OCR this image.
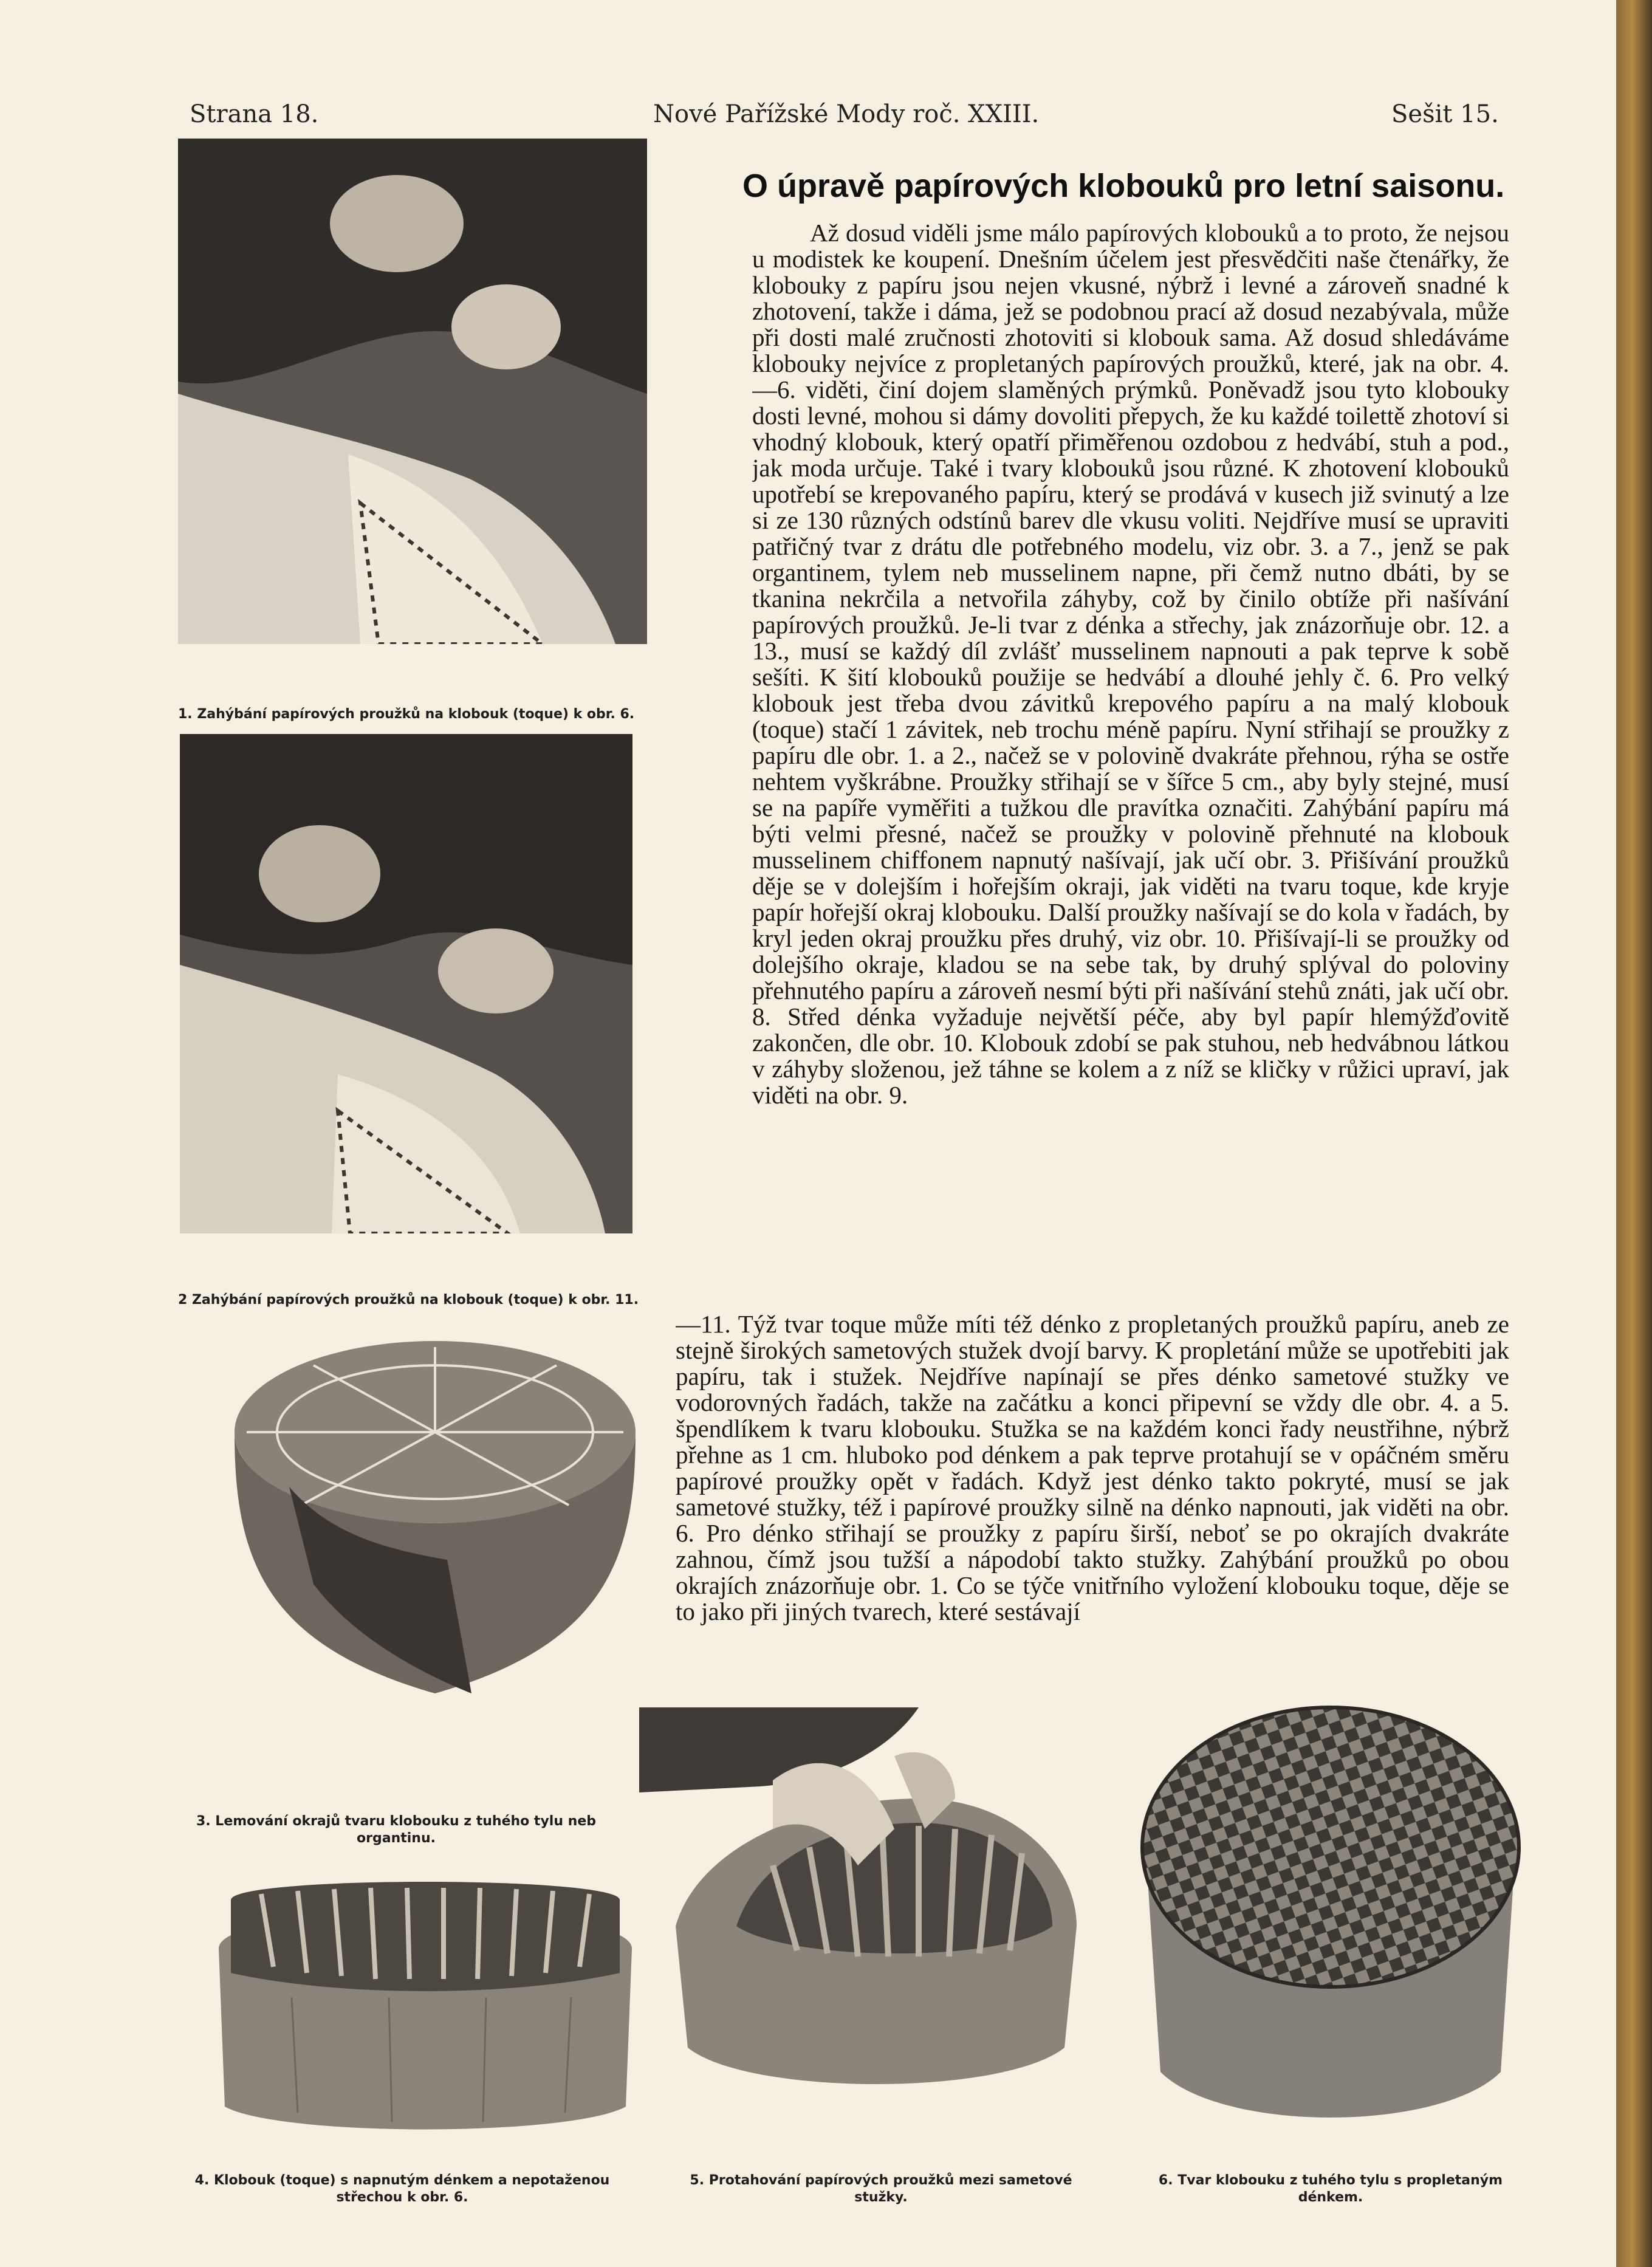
Strana 18.	Nové Pařížské Mody roč. XXIII.	Sešit 15.
1. Zahýbání papírových proužků na klobouk (toque) k obr. 6.
2 Zahýbání papírových proužků na klobouk (toque) k obr. 11.
3. Lemování okrajů tvaru klobouku z tuhého tylu neb organtinu.
4. Klobouk (toque) s napnutým dénkem a nepotaženou střechou k obr. 6.
5. Protahování papírových proužků mezi sametové stužky.
6. Tvar klobouku z tuhého tylu s propletaným dénkem.
O úpravě papírových klobouků pro letní saisonu.

Až dosud viděli jsme málo papírových klobouků a to proto, že nejsou u modistek ke koupení. Dnešním účelem jest přesvědčiti naše čtenářky, že klobouky z papíru jsou nejen vkusné, nýbrž i levné a zároveň snadné k zhotovení, takže i dáma, jež se podobnou prací až dosud nezabývala, může při dosti malé zručnosti zhotoviti si klobouk sama. Až dosud shledáváme klobouky nejvíce z propletaných papírových proužků, které, jak na obr. 4.—6. viděti, činí dojem slaměných prýmků. Poněvadž jsou tyto klobouky dosti levné, mohou si dámy dovoliti přepych, že ku každé toilettě zhotoví si vhodný klobouk, který opatří přiměřenou ozdobou z hedvábí, stuh a pod., jak moda určuje. Také i tvary klobouků jsou různé. K zhotovení klobouků upotřebí se krepovaného papíru, který se prodává v kusech již svinutý a lze si ze 130 různých odstínů barev dle vkusu voliti. Nejdříve musí se upraviti patřičný tvar z drátu dle potřebného modelu, viz obr. 3. a 7., jenž se pak organtinem, tylem neb musselinem napne, při čemž nutno dbáti, by se tkanina nekrčila a netvořila záhyby, což by činilo obtíže při našívání papírových proužků. Je-li tvar z dénka a střechy, jak znázorňuje obr. 12. a 13., musí se každý díl zvlášť musselinem napnouti a pak teprve k sobě sešíti. K šití klobouků použije se hedvábí a dlouhé jehly č. 6. Pro velký klobouk jest třeba dvou závitků krepového papíru a na malý klobouk (toque) stačí 1 závitek, neb trochu méně papíru. Nyní střihají se proužky z papíru dle obr. 1. a 2., načež se v polovině dvakráte přehnou, rýha se ostře nehtem vyškrábne. Proužky střihají se v šířce 5 cm., aby byly stejné, musí se na papíře vyměřiti a tužkou dle pravítka označiti. Zahýbání papíru má býti velmi přesné, načež se proužky v polovině přehnuté na klobouk musselinem chiffonem napnutý našívají, jak učí obr. 3. Přišívání proužků děje se v dolejším i hořejším okraji, jak viděti na tvaru toque, kde kryje papír hořejší okraj klobouku. Další proužky našívají se do kola v řadách, by kryl jeden okraj proužku přes druhý, viz obr. 10. Přišívají-li se proužky od dolejšího okraje, kladou se na sebe tak, by druhý splýval do poloviny přehnutého papíru a zároveň nesmí býti při našívání stehů znáti, jak učí obr. 8. Střed dénka vyžaduje největší péče, aby byl papír hlemýžďovitě zakončen, dle obr. 10. Klobouk zdobí se pak stuhou, neb hedvábnou látkou v záhyby složenou, jež táhne se kolem a z níž se kličky v růžici upraví, jak viděti na obr. 9.

—11. Týž tvar toque může míti též dénko z propletaných proužků papíru, aneb ze stejně širokých sametových stužek dvojí barvy. K propletání může se upotřebiti jak papíru, tak i stužek. Nejdříve napínají se přes dénko sametové stužky ve vodorovných řadách, takže na začátku a konci připevní se vždy dle obr. 4. a 5. špendlíkem k tvaru klobouku. Stužka se na každém konci řady neustřihne, nýbrž přehne as 1 cm. hluboko pod dénkem a pak teprve protahují se v opáčném směru papírové proužky opět v řadách. Když jest dénko takto pokryté, musí se jak sametové stužky, též i papírové proužky silně na dénko napnouti, jak viděti na obr. 6. Pro dénko střihají se proužky z papíru širší, neboť se po okrajích dvakráte zahnou, čímž jsou tužší a nápodobí takto stužky. Zahýbání proužků po obou okrajích znázorňuje obr. 1. Co se týče vnitřního vyložení klobouku toque, děje se to jako při jiných tvarech, které sestávají
